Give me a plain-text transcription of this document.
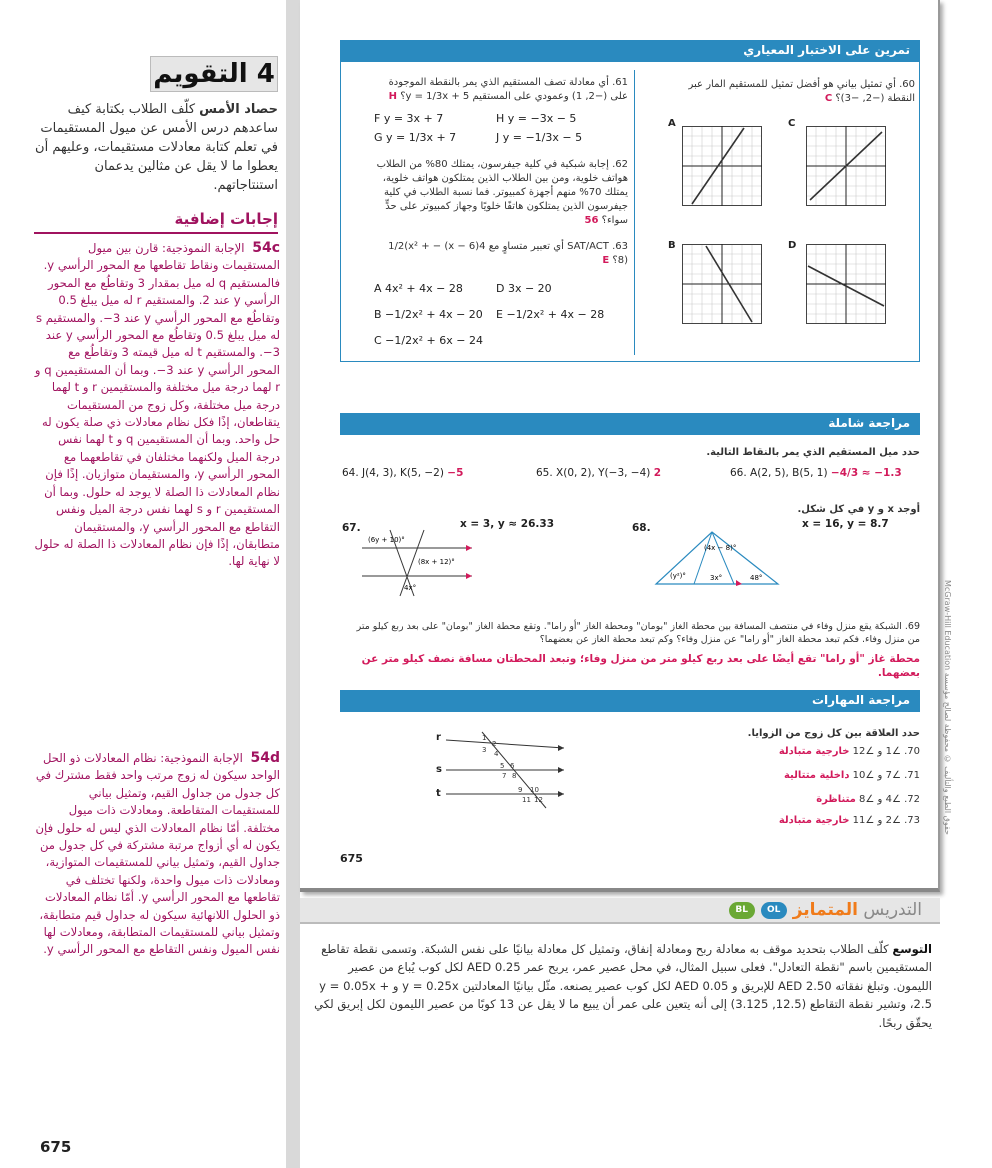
4 التقويم
حصاد الأمس كلّف الطلاب بكتابة كيف ساعدهم درس الأمس عن ميول المستقيمات في تعلم كتابة معادلات مستقيمات، وعليهم أن يعطوا ما لا يقل عن مثالين يدعمان استنتاجاتهم.
إجابات إضافية
54c الإجابة النموذجية: قارن بين ميول المستقيمات ونقاط تقاطعها مع المحور الرأسي y. فالمستقيم q له ميل بمقدار 3 وتقاطُع مع المحور الرأسي y عند 2. والمستقيم r له ميل يبلغ 0.5 وتقاطُع مع المحور الرأسي y عند 3−. والمستقيم s له ميل يبلغ 0.5 وتقاطُع مع المحور الرأسي y عند 3−. والمستقيم t له ميل قيمته 3 وتقاطُع مع المحور الرأسي y عند 3−. وبما أن المستقيمين q و r لهما درجة ميل مختلفة والمستقيمين r و t لهما درجة ميل مختلفة، وكل زوج من المستقيمات يتقاطعان، إذًا فكل نظام معادلات ذي صلة يكون له حل واحد. وبما أن المستقيمين q و t لهما نفس درجة الميل ولكنهما مختلفان في تقاطعهما مع المحور الرأسي y، والمستقيمان متوازيان. إذًا فإن نظام المعادلات ذا الصلة لا يوجد له حلول. وبما أن المستقيمين r و s لهما نفس درجة الميل ونفس التقاطع مع المحور الرأسي y، والمستقيمان متطابقان، إذًا فإن نظام المعادلات ذا الصلة له حلول لا نهاية لها.
54d الإجابة النموذجية: نظام المعادلات ذو الحل الواحد سيكون له زوج مرتب واحد فقط مشترك في كل جدول من جداول القيم، وتمثيل بياني للمستقيمات المتقاطعة. ومعادلات ذات ميول مختلفة. أمّا نظام المعادلات الذي ليس له حلول فإن يكون له أي أزواج مرتبة مشتركة في كل جدول من جداول القيم، وتمثيل بياني للمستقيمات المتوازية، ومعادلات ذات ميول واحدة، ولكنها تختلف في تقاطعها مع المحور الرأسي y. أمّا نظام المعادلات ذو الحلول اللانهائية سيكون له جداول قيم متطابقة، وتمثيل بياني للمستقيمات المتطابقة، ومعادلات لها نفس الميول ونفس التقاطع مع المحور الرأسي y.
675
McGraw-Hill Education حقوق الطبع والتأليف © محفوظة لصالح مؤسسة
تمرين على الاختبار المعياري
60. أي تمثيل بياني هو أفضل تمثيل للمستقيم المار عبر النقطة (−2, −3)؟ C
A	C
B	D
61. أي معادلة تصف المستقيم الذي يمر بالنقطة الموجودة على (−2, 1) وعمودي على المستقيم y = 1/3x + 5؟ H
F y = 3x + 7	H y = −3x − 5
G y = 1/3x + 7	J y = −1/3x − 5
62. إجابة شبكية في كلية جيفرسون، يمتلك 80% من الطلاب هواتف خلوية، ومن بين الطلاب الذين يمتلكون هواتف خلوية، يمتلك 70% منهم أجهزة كمبيوتر. فما نسبة الطلاب في كلية جيفرسون الذين يمتلكون هاتفًا خلويًا وجهاز كمبيوتر على حدٍّ سواء؟ 56
63. SAT/ACT أي تعبير متساوٍ مع 4(x − 6) − 1/2(x² + 8)؟ E
A 4x² + 4x − 28	D 3x − 20
B −1/2x² + 4x − 20 E −1/2x² + 4x − 28
C −1/2x² + 6x − 24
مراجعة شاملة
حدد ميل المستقيم الذي يمر بالنقاط التالية.
64. J(4, 3), K(5, −2) −5	65. X(0, 2), Y(−3, −4) 2	66. A(2, 5), B(5, 1) −4/3 ≈ −1.3
أوجد x و y في كل شكل.
67.	x = 3, y ≈ 26.33	68.	x = 16, y = 8.7
(6y + 10)°
(8x + 12)°
4x°
(4x − 8)°
(y²)°	3x°	48°
69. الشبكة يقع منزل وفاء في منتصف المسافة بين محطة الغاز "بومان" ومحطة الغاز "أو راما". وتقع محطة الغاز "بومان" على بعد ربع كيلو متر من منزل وفاء. فكم تبعد محطة الغاز "أو راما" عن منزل وفاء؟ وكم تبعد محطة الغاز عن بعضهما؟
محطة غاز "أو راما" تقع أيضًا على بعد ربع كيلو متر من منزل وفاء؛ وتبعد المحطتان مسافة نصف كيلو متر عن بعضهما.
مراجعة المهارات
حدد العلاقة بين كل زوج من الزوايا.
1
2
3 4
5 6
7 8
9 10
11 12
r
s
t
70. ∠1 و ∠12 خارجية متبادلة
71. ∠7 و ∠10 داخلية متتالية
72. ∠4 و ∠8 متناظرة
73. ∠2 و ∠11 خارجية متبادلة
675
التدريس المتمايز
OL
BL
التوسع كلّف الطلاب بتحديد موقف به معادلة ربح ومعادلة إنفاق، وتمثيل كل معادلة بيانيًا على نفس الشبكة. وتسمى نقطة تقاطع المستقيمين باسم "نقطة التعادل". فعلى سبيل المثال، في محل عصير عمر، يربح عمر 0.25 AED لكل كوب يُباع من عصير الليمون. وتبلغ نفقاته 2.50 AED للإبريق و 0.05 AED لكل كوب عصير يصنعه. مثّل بيانيًا المعادلتين y = 0.25x و y = 0.05x + 2.5، وتشير نقطة التقاطع (12.5, 3.125) إلى أنه يتعين على عمر أن يبيع ما لا يقل عن 13 كوبًا من عصير الليمون لكل إبريق لكي يحقّق ربحًا.
